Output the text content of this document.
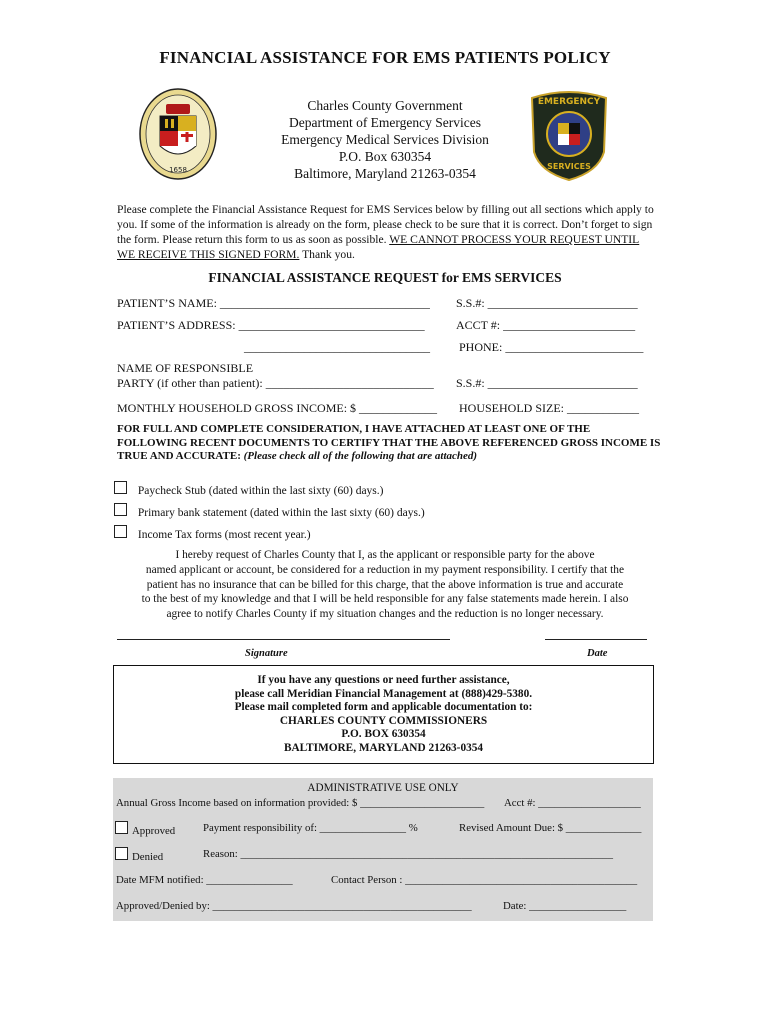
FINANCIAL ASSISTANCE FOR EMS PATIENTS POLICY
1658
Charles County Government
Department of Emergency Services
Emergency Medical Services Division
P.O. Box 630354
Baltimore, Maryland 21263-0354
EMERGENCY
SERVICES
Please complete the Financial Assistance Request for EMS Services below by filling out all sections which apply to you. If some of the information is already on the form, please check to be sure that it is correct. Don’t forget to sign the form. Please return this form to us as soon as possible. WE CANNOT PROCESS YOUR REQUEST UNTIL WE RECEIVE THIS SIGNED FORM. Thank you.
FINANCIAL ASSISTANCE REQUEST for EMS SERVICES
PATIENT’S NAME: ___________________________________ S.S.#: _________________________
PATIENT’S ADDRESS: _______________________________	ACCT #: ______________________
_______________________________ PHONE: _______________________
NAME OF RESPONSIBLE
PARTY (if other than patient): ____________________________ S.S.#: _________________________
MONTHLY HOUSEHOLD GROSS INCOME: $ _____________ HOUSEHOLD SIZE: ____________
FOR FULL AND COMPLETE CONSIDERATION, I HAVE ATTACHED AT LEAST ONE OF THE FOLLOWING RECENT DOCUMENTS TO CERTIFY THAT THE ABOVE REFERENCED GROSS INCOME IS TRUE AND ACCURATE: (Please check all of the following that are attached)
Paycheck Stub (dated within the last sixty (60) days.)
Primary bank statement (dated within the last sixty (60) days.)
Income Tax forms (most recent year.)
I hereby request of Charles County that I, as the applicant or responsible party for the above
named applicant or account, be considered for a reduction in my payment responsibility. I certify that the
patient has no insurance that can be billed for this charge, that the above information is true and accurate
to the best of my knowledge and that I will be held responsible for any false statements made herein. I also
agree to notify Charles County if my situation changes and the reduction is no longer necessary.
Signature	Date
If you have any questions or need further assistance,
please call Meridian Financial Management at (888)429-5380.
Please mail completed form and applicable documentation to:
CHARLES COUNTY COMMISSIONERS
P.O. BOX 630354
BALTIMORE, MARYLAND 21263-0354
ADMINISTRATIVE USE ONLY
Annual Gross Income based on information provided: $ _______________________ Acct #: ___________________
Approved	Payment responsibility of: ________________ %	Revised Amount Due: $ ______________
Denied	Reason: _____________________________________________________________________
Date MFM notified: ________________	Contact Person : ___________________________________________
Approved/Denied by: ________________________________________________	Date: __________________
